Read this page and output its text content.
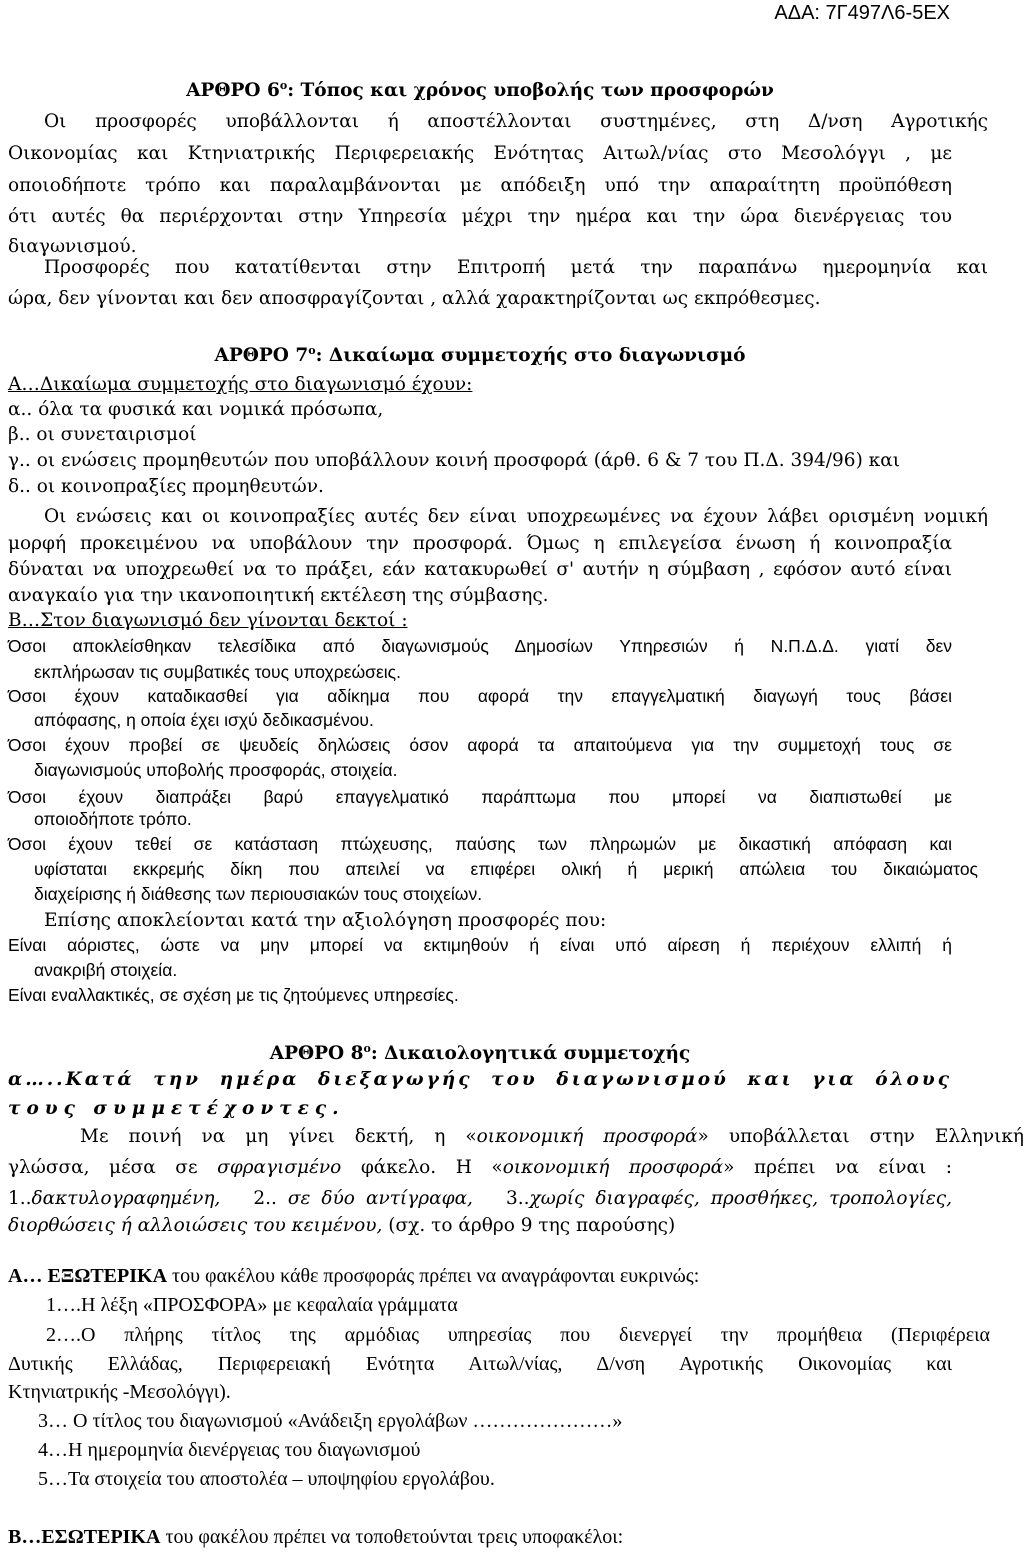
ΑΔΑ: 7Γ497Λ6-5ΕΧ
ΑΡΘΡΟ $6^o$: Τόπος και χρόνος υποβολής των προσφορών
Οι προσφορές υποβάλλονται ή αποστέλλονται συστημένες, στη Δ/νση Αγροτικής
Οικονομίας και Κτηνιατρικής Περιφερειακής Ενότητας Αιτωλ/νίας στο Μεσολόγγι , με
οποιοδήποτε τρόπο και παραλαμβάνονται με απόδειξη υπό την απαραίτητη προϋπόθεση
ότι αυτές θα περιέρχονται στην Υπηρεσία μέχρι την ημέρα και την ώρα διενέργειας του
διαγωνισμού.
Προσφορές που κατατίθενται στην Επιτροπή μετά την παραπάνω ημερομηνία και
ώρα, δεν γίνονται και δεν αποσφραγίζονται , αλλά χαρακτηρίζονται ως εκπρόθεσμες.
ΑΡΘΡΟ $7^o$: Δικαίωμα συμμετοχής στο διαγωνισμό
Α…Δικαίωμα συμμετοχής στο διαγωνισμό έχουν:
α.. όλα τα φυσικά και νομικά πρόσωπα,
β.. οι συνεταιρισμοί
γ.. οι ενώσεις προμηθευτών που υποβάλλουν κοινή προσφορά (άρθ. 6 & 7 του Π.Δ. 394/96) και
δ.. οι κοινοπραξίες προμηθευτών.
Οι ενώσεις και οι κοινοπραξίες αυτές δεν είναι υποχρεωμένες να έχουν λάβει ορισμένη νομική
μορφή προκειμένου να υποβάλουν την προσφορά. Όμως η επιλεγείσα ένωση ή κοινοπραξία
δύναται να υποχρεωθεί να το πράξει, εάν κατακυρωθεί σ' αυτήν η σύμβαση , εφόσον αυτό είναι
αναγκαίο για την ικανοποιητική εκτέλεση της σύμβασης.
Β…Στον διαγωνισμό δεν γίνονται δεκτοί :
Όσοι αποκλείσθηκαν τελεσίδικα από διαγωνισμούς Δημοσίων Υπηρεσιών ή Ν.Π.Δ.Δ. γιατί δεν
εκπλήρωσαν τις συμβατικές τους υποχρεώσεις.
Όσοι έχουν καταδικασθεί για αδίκημα που αφορά την επαγγελματική διαγωγή τους βάσει
απόφασης, η οποία έχει ισχύ δεδικασμένου.
Όσοι έχουν προβεί σε ψευδείς δηλώσεις όσον αφορά τα απαιτούμενα για την συμμετοχή τους σε
διαγωνισμούς υποβολής προσφοράς, στοιχεία.
Όσοι έχουν διαπράξει βαρύ επαγγελματικό παράπτωμα που μπορεί να διαπιστωθεί με
οποιοδήποτε τρόπο.
Όσοι έχουν τεθεί σε κατάσταση πτώχευσης, παύσης των πληρωμών με δικαστική απόφαση και
υφίσταται εκκρεμής δίκη που απειλεί να επιφέρει ολική ή μερική απώλεια του δικαιώματος
διαχείρισης ή διάθεσης των περιουσιακών τους στοιχείων.
Επίσης αποκλείονται κατά την αξιολόγηση προσφορές που:
Είναι αόριστες, ώστε να μην μπορεί να εκτιμηθούν ή είναι υπό αίρεση ή περιέχουν ελλιπή ή
ανακριβή στοιχεία.
Είναι εναλλακτικές, σε σχέση με τις ζητούμενες υπηρεσίες.
ΑΡΘΡΟ $8^o$: Δικαιολογητικά συμμετοχής
α…..Κατά την ημέρα διεξαγωγής του διαγωνισμού και για όλους
τους συμμετέχοντες.
Με ποινή να μη γίνει δεκτή, η «οικονομική προσφορά» υποβάλλεται στην Ελληνική
γλώσσα, μέσα σε σφραγισμένο φάκελο. Η «οικονομική προσφορά» πρέπει να είναι :
1..δακτυλογραφημένη,   2.. σε δύο αντίγραφα,   3..χωρίς διαγραφές, προσθήκες, τροπολογίες,
διορθώσεις ή αλλοιώσεις του κειμένου, (σχ. το άρθρο 9 της παρούσης)
Α… ΕΞΩΤΕΡΙΚΑ του φακέλου κάθε προσφοράς πρέπει να αναγράφονται ευκρινώς:
1….Η λέξη «ΠΡΟΣΦΟΡΑ» με κεφαλαία γράμματα
2….Ο πλήρης τίτλος της αρμόδιας υπηρεσίας που διενεργεί την προμήθεια (Περιφέρεια
Δυτικής Ελλάδας, Περιφερειακή Ενότητα Αιτωλ/νίας, Δ/νση Αγροτικής Οικονομίας και
Κτηνιατρικής -Μεσολόγγι).
3… Ο τίτλος του διαγωνισμού «Ανάδειξη εργολάβων …………………»
4…Η ημερομηνία διενέργειας του διαγωνισμού
5…Τα στοιχεία του αποστολέα – υποψηφίου εργολάβου.
Β…ΕΣΩΤΕΡΙΚΑ του φακέλου πρέπει να τοποθετούνται τρεις υποφακέλοι:
